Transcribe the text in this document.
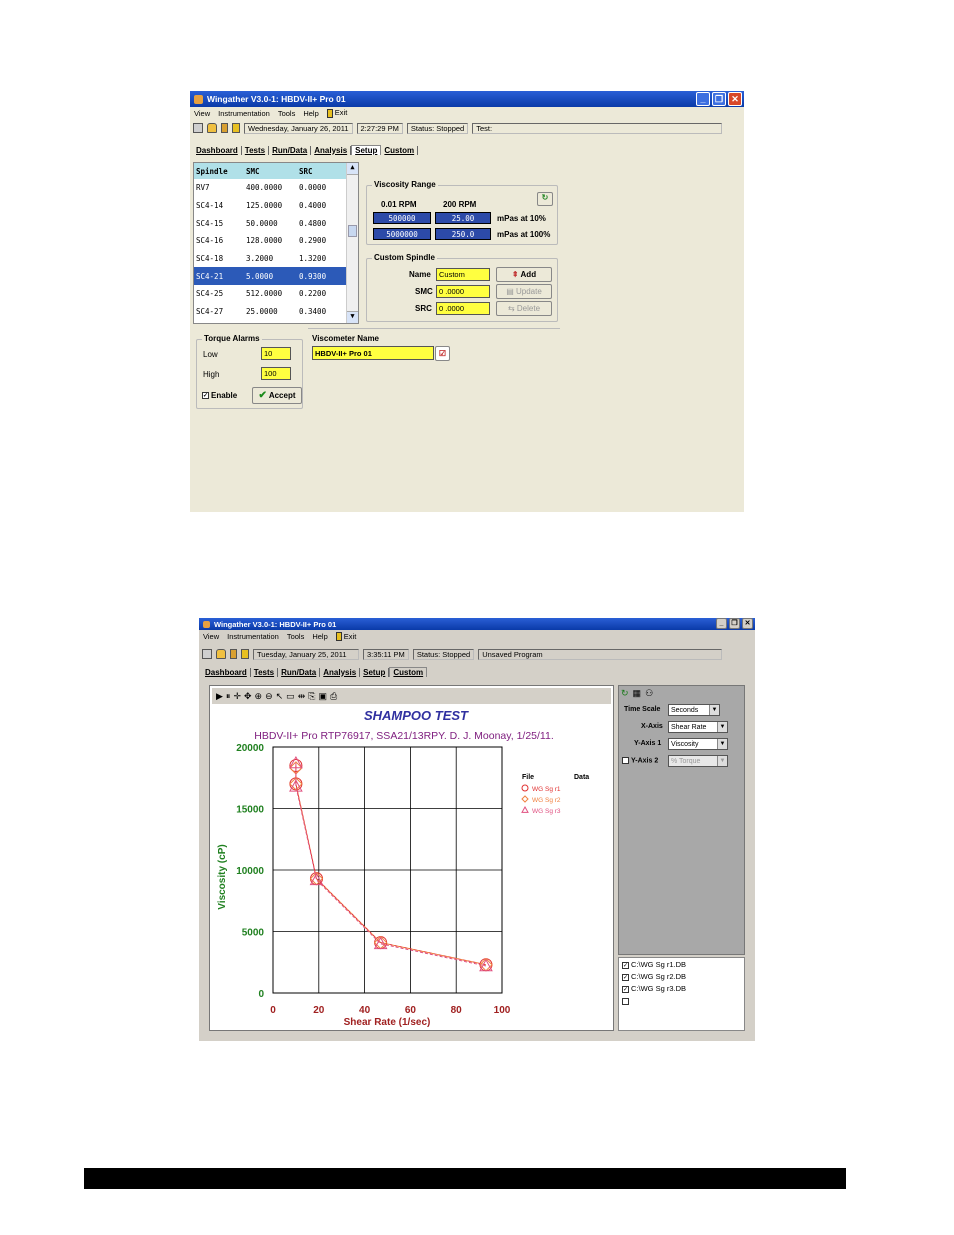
Wingather V3.0-1: HBDV-II+ Pro 01	_	❐ ✕
View Instrumentation Tools Help	Exit
Wednesday, January 26, 2011	2:27:29 PM	Status: Stopped	Test:
Dashboard Tests Run/Data Analysis	Setup Custom
Spindle	SMC	SRC
RV7	400.0000	0.0000
SC4-14	125.0000	0.4000
SC4-15	50.0000	0.4800
SC4-16	128.0000	0.2900
SC4-18	3.2000	1.3200
SC4-21	5.0000	0.9300
SC4-25	512.0000	0.2200
SC4-27	25.0000	0.3400
▲
▼
Viscosity Range
0.01 RPM	200 RPM
↻
500000	25.00	mPas at 10%
5000000	250.0	mPas at 100%
Custom Spindle
Name	Custom
SMC 0 .0000
SRC 0 .0000
⇞ Add
▤ Update
⇆ Delete
Torque Alarms
Low	10
High	100
✓ Enable	✔ Accept
Viscometer Name
HBDV-II+ Pro 01	☑
Wingather V3.0-1: HBDV-II+ Pro 01	_	❐ ✕
View Instrumentation Tools Help	Exit
Tuesday, January 25, 2011	3:35:11 PM	Status: Stopped	Unsaved Program
Dashboard Tests Run/Data Analysis Setup	Custom
▶ ⏸ ✛ ✥ ⊕ ⊖ ↖ ▭ ⇹ ⎘ ▣ ⎙
SHAMPOO TEST
HBDV-II+ Pro RTP76917, SSA21/13RPY. D. J. Moonay, 1/25/11.
Shear Rate (1/sec)
Viscosity (cP)
File	Data
0	20	40	60	80	100
0
5000
10000
15000
20000
WG Sg r1
WG Sg r2
WG Sg r3
↻ ▦ ⚇
Time Scale	Seconds	▼
X-Axis	Shear Rate	▼
Y-Axis 1	Viscosity	▼
Y-Axis 2	% Torque	▼
✓ C:\WG Sg r1.DB
✓ C:\WG Sg r2.DB
✓ C:\WG Sg r3.DB
